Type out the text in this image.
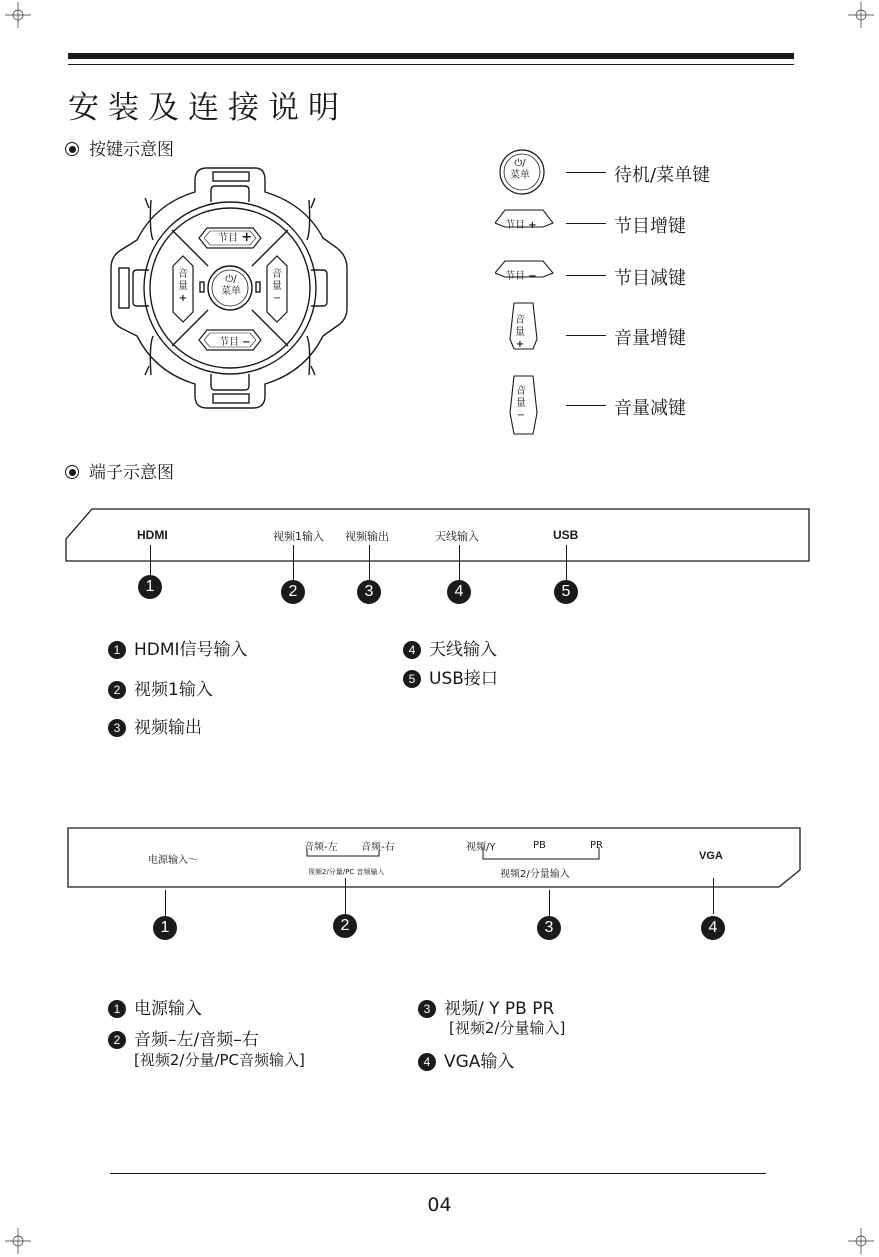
安装及连接说明
按键示意图
节目 +
节目 −
音
量
+
音
量
−
⏻/
菜单
⏻/
菜单
节目 +
节目 −
音
量
+
音
量
−
待机/菜单键
节目增键
节目减键
音量增键
音量减键
端子示意图
HDMI	视频1输入 视频输出	天线输入	USB
1	2	3	4	5
1 HDMI信号输入
2 视频1输入
3 视频输出
4 天线输入
5 USB接口
电源输入〜
音频-左 音频-右
视频2/分量/PC 音频输入
视频/Y	PB	PR
视频2/分量输入
VGA
1	2	3	4
1 电源输入
2 音频–左/音频–右
[视频2/分量/PC音频输入]
3 视频/ Y PB PR
[视频2/分量输入]
4 VGA输入
04
